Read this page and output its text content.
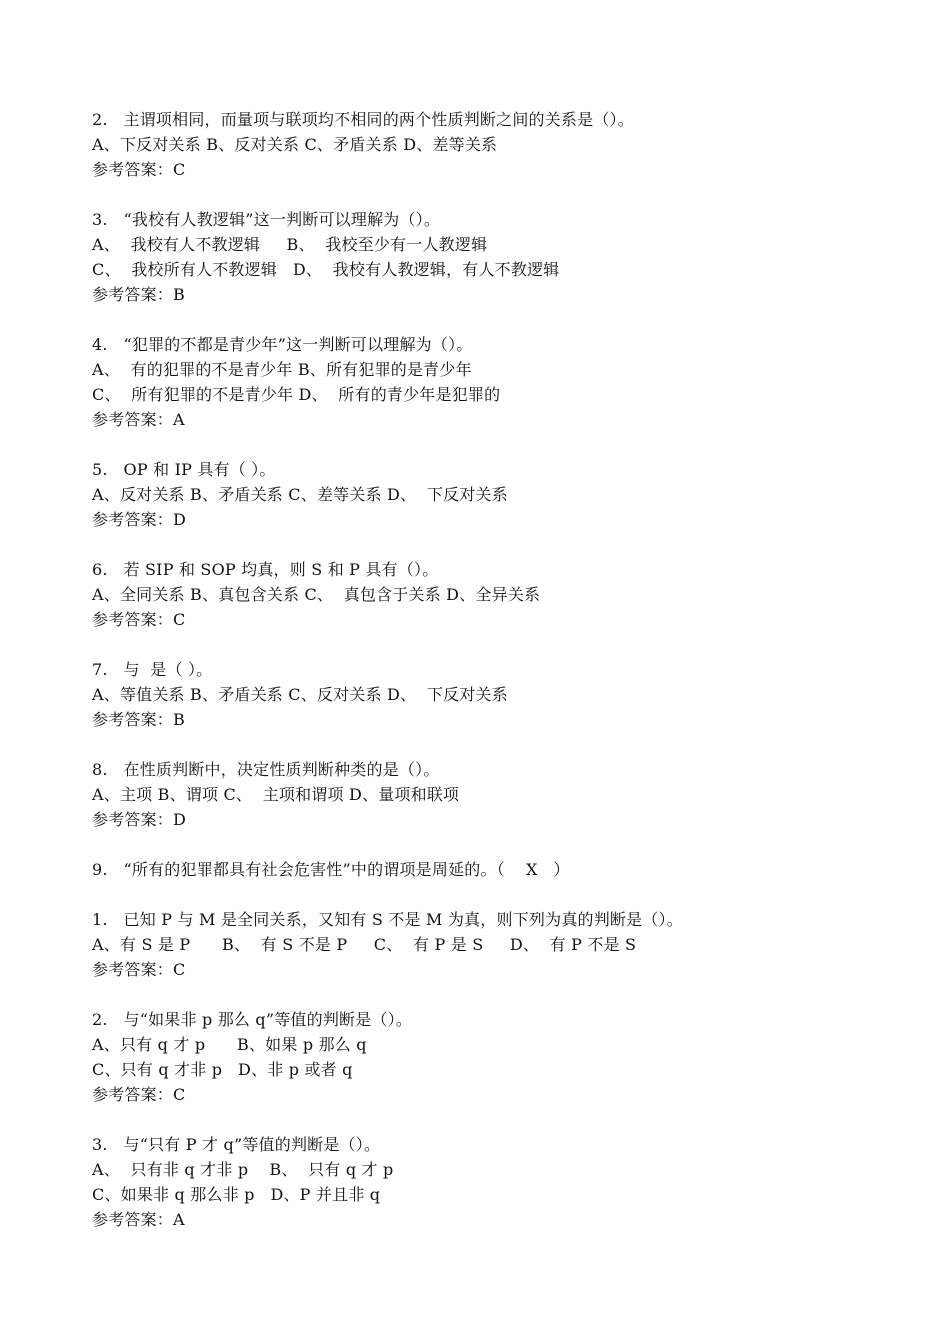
2.   主谓项相同，而量项与联项均不相同的两个性质判断之间的关系是（）。
A、下反对关系 B、反对关系 C、矛盾关系 D、差等关系
参考答案：C
3.   “我校有人教逻辑”这一判断可以理解为（）。
A、  我校有人不教逻辑     B、  我校至少有一人教逻辑
C、  我校所有人不教逻辑   D、  我校有人教逻辑，有人不教逻辑
参考答案：B
4.   “犯罪的不都是青少年”这一判断可以理解为（）。
A、  有的犯罪的不是青少年 B、所有犯罪的是青少年
C、  所有犯罪的不是青少年 D、  所有的青少年是犯罪的
参考答案：A
5.   OP 和 IP 具有（ ）。
A、反对关系 B、矛盾关系 C、差等关系 D、  下反对关系
参考答案：D
6.   若 SIP 和 SOP 均真，则 S 和 P 具有（）。
A、全同关系 B、真包含关系 C、  真包含于关系 D、全异关系
参考答案：C
7.   与  是（ ）。
A、等值关系 B、矛盾关系 C、反对关系 D、  下反对关系
参考答案：B
8.   在性质判断中，决定性质判断种类的是（）。
A、主项 B、谓项 C、  主项和谓项 D、量项和联项
参考答案：D
9.   “所有的犯罪都具有社会危害性”中的谓项是周延的。（    X   ）
1.   已知 P 与 M 是全同关系，又知有 S 不是 M 为真，则下列为真的判断是（）。
A、有 S 是 P      B、  有 S 不是 P     C、  有 P 是 S     D、  有 P 不是 S
参考答案：C
2.   与“如果非 p 那么 q”等值的判断是（）。
A、只有 q 才 p      B、如果 p 那么 q
C、只有 q 才非 p   D、非 p 或者 q
参考答案：C
3.   与“只有 P 才 q”等值的判断是（）。
A、  只有非 q 才非 p    B、  只有 q 才 p
C、如果非 q 那么非 p   D、P 并且非 q
参考答案：A
